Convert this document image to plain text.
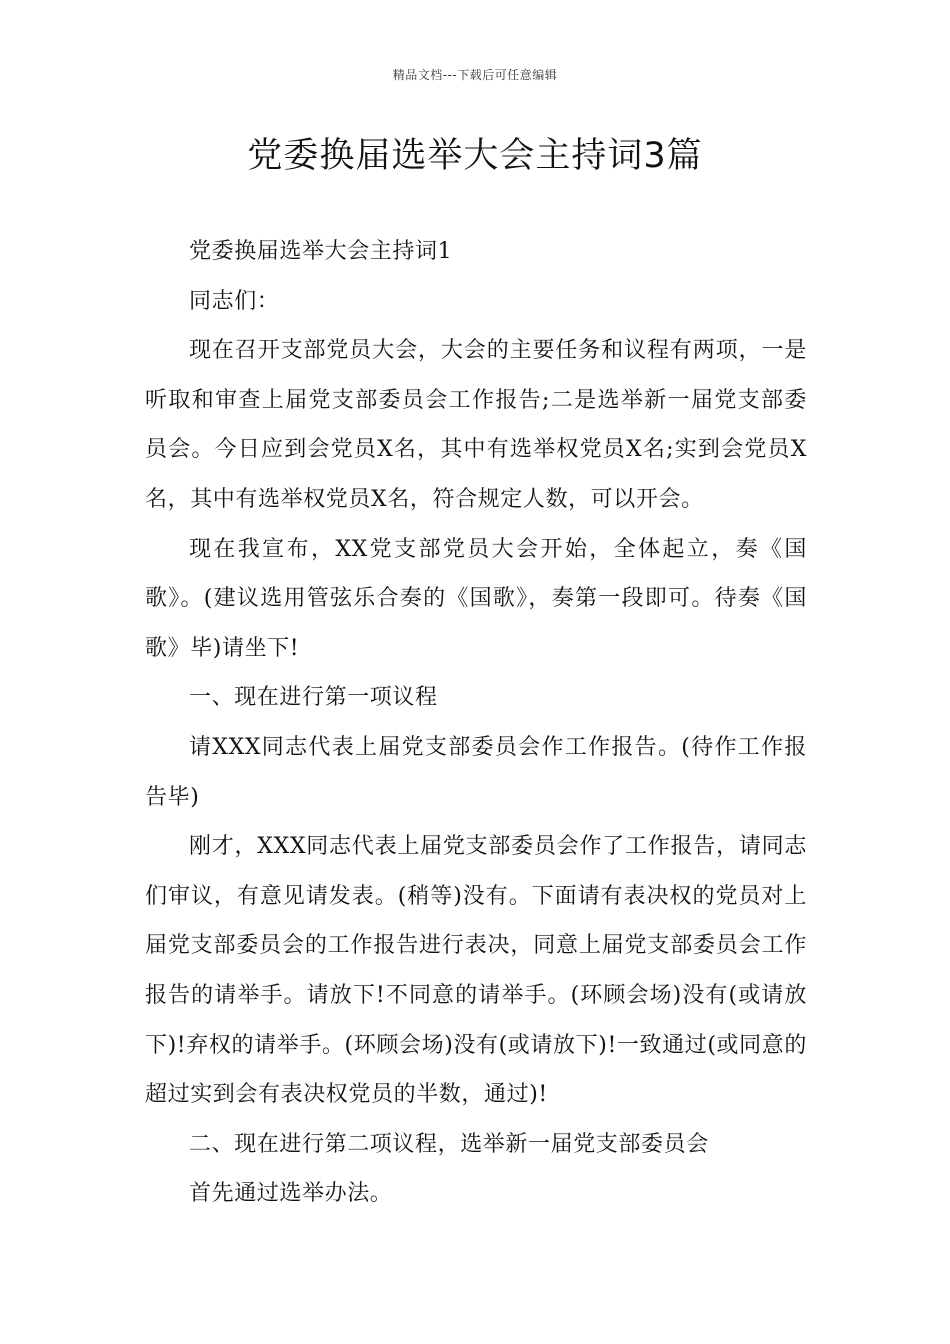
精品文档---下载后可任意编辑
党委换届选举大会主持词3篇

党委换届选举大会主持词1

同志们：

现在召开支部党员大会，大会的主要任务和议程有两项，一是听取和审查上届党支部委员会工作报告;二是选举新一届党支部委员会。今日应到会党员X名，其中有选举权党员X名;实到会党员X名，其中有选举权党员X名，符合规定人数，可以开会。

现在我宣布，XX党支部党员大会开始，全体起立，奏《国歌》。(建议选用管弦乐合奏的《国歌》，奏第一段即可。待奏《国歌》毕)请坐下!

一、现在进行第一项议程

请XXX同志代表上届党支部委员会作工作报告。(待作工作报告毕)

刚才，XXX同志代表上届党支部委员会作了工作报告，请同志们审议，有意见请发表。(稍等)没有。下面请有表决权的党员对上届党支部委员会的工作报告进行表决，同意上届党支部委员会工作报告的请举手。请放下!不同意的请举手。(环顾会场)没有(或请放下)!弃权的请举手。(环顾会场)没有(或请放下)!一致通过(或同意的超过实到会有表决权党员的半数，通过)!

二、现在进行第二项议程，选举新一届党支部委员会

首先通过选举办法。
